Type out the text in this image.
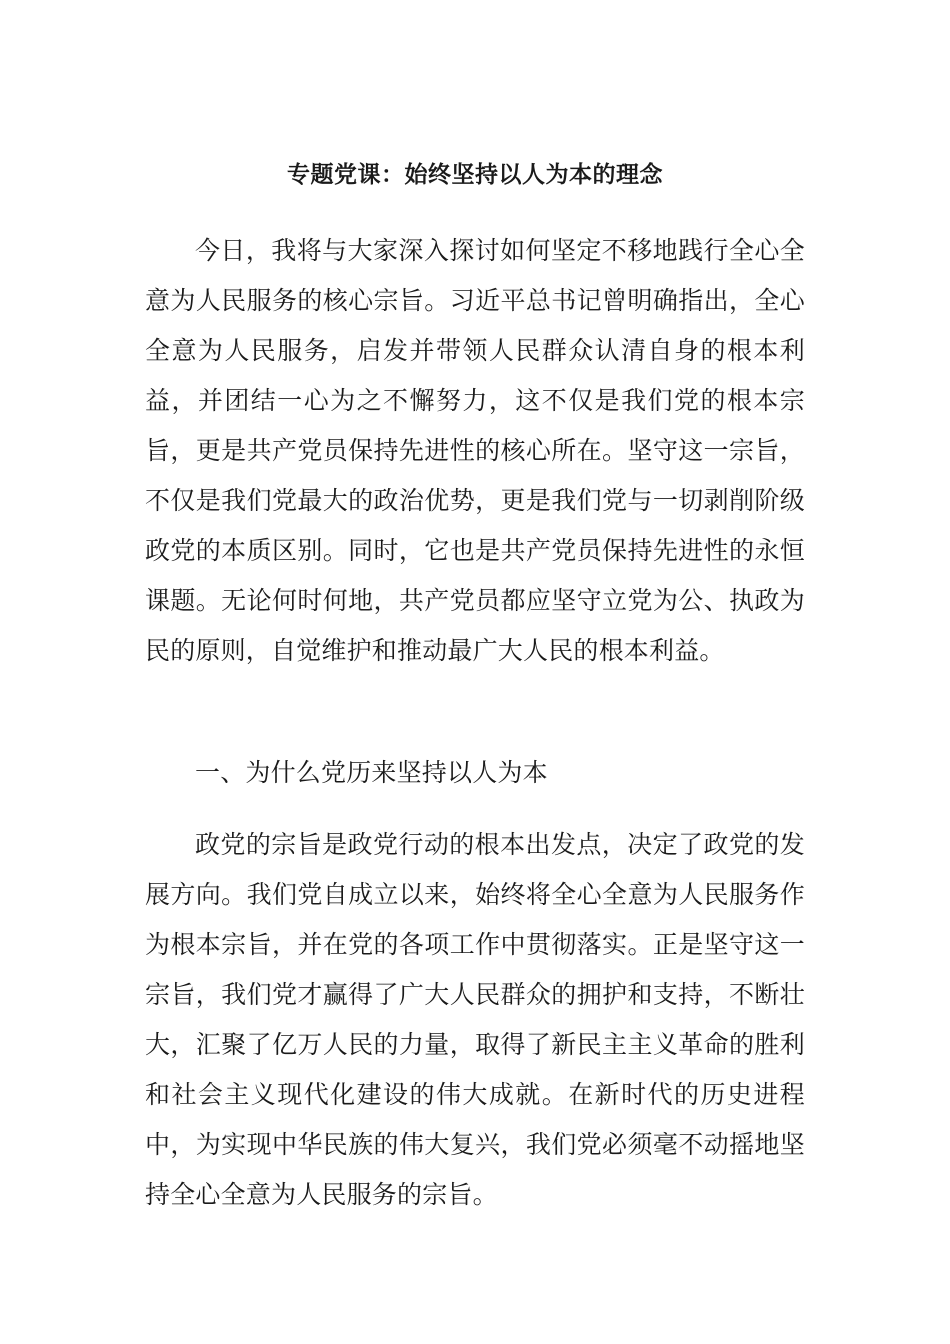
专题党课：始终坚持以人为本的理念

今日，我将与大家深入探讨如何坚定不移地践行全心全意为人民服务的核心宗旨。习近平总书记曾明确指出，全心全意为人民服务，启发并带领人民群众认清自身的根本利益，并团结一心为之不懈努力，这不仅是我们党的根本宗旨，更是共产党员保持先进性的核心所在。坚守这一宗旨，不仅是我们党最大的政治优势，更是我们党与一切剥削阶级政党的本质区别。同时，它也是共产党员保持先进性的永恒课题。无论何时何地，共产党员都应坚守立党为公、执政为民的原则，自觉维护和推动最广大人民的根本利益。

一、为什么党历来坚持以人为本

政党的宗旨是政党行动的根本出发点，决定了政党的发展方向。我们党自成立以来，始终将全心全意为人民服务作为根本宗旨，并在党的各项工作中贯彻落实。正是坚守这一宗旨，我们党才赢得了广大人民群众的拥护和支持，不断壮大，汇聚了亿万人民的力量，取得了新民主主义革命的胜利和社会主义现代化建设的伟大成就。在新时代的历史进程中，为实现中华民族的伟大复兴，我们党必须毫不动摇地坚持全心全意为人民服务的宗旨。
